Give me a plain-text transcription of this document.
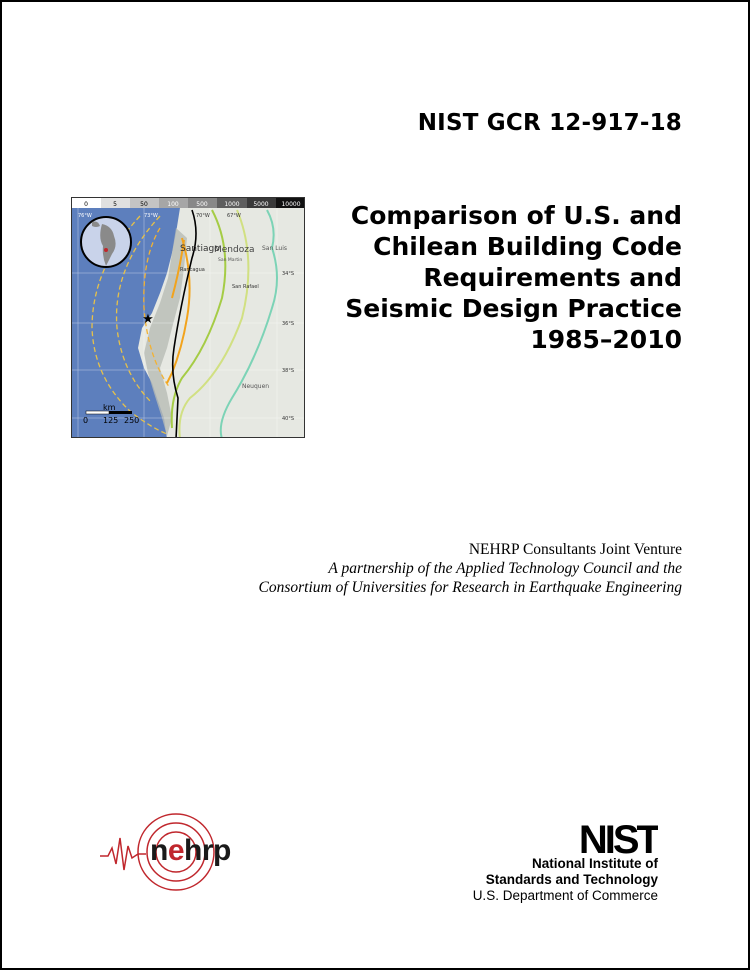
NIST GCR 12-917-18
Comparison of U.S. and
Chilean Building Code
Requirements and
Seismic Design Practice
1985–2010
0	5	50	100	500	1000 5000 10000
★
76°W	73°W	70°W	67°W
34°S
36°S
38°S
40°S
Mendoza
San Martin
San Luis
Santiago
Rancagua
San Rafael
Neuquen
km
0 125 250
NEHRP Consultants Joint Venture
A partnership of the Applied Technology Council and the
Consortium of Universities for Research in Earthquake Engineering
nehrp	NIST
National Institute of
Standards and Technology
U.S. Department of Commerce
